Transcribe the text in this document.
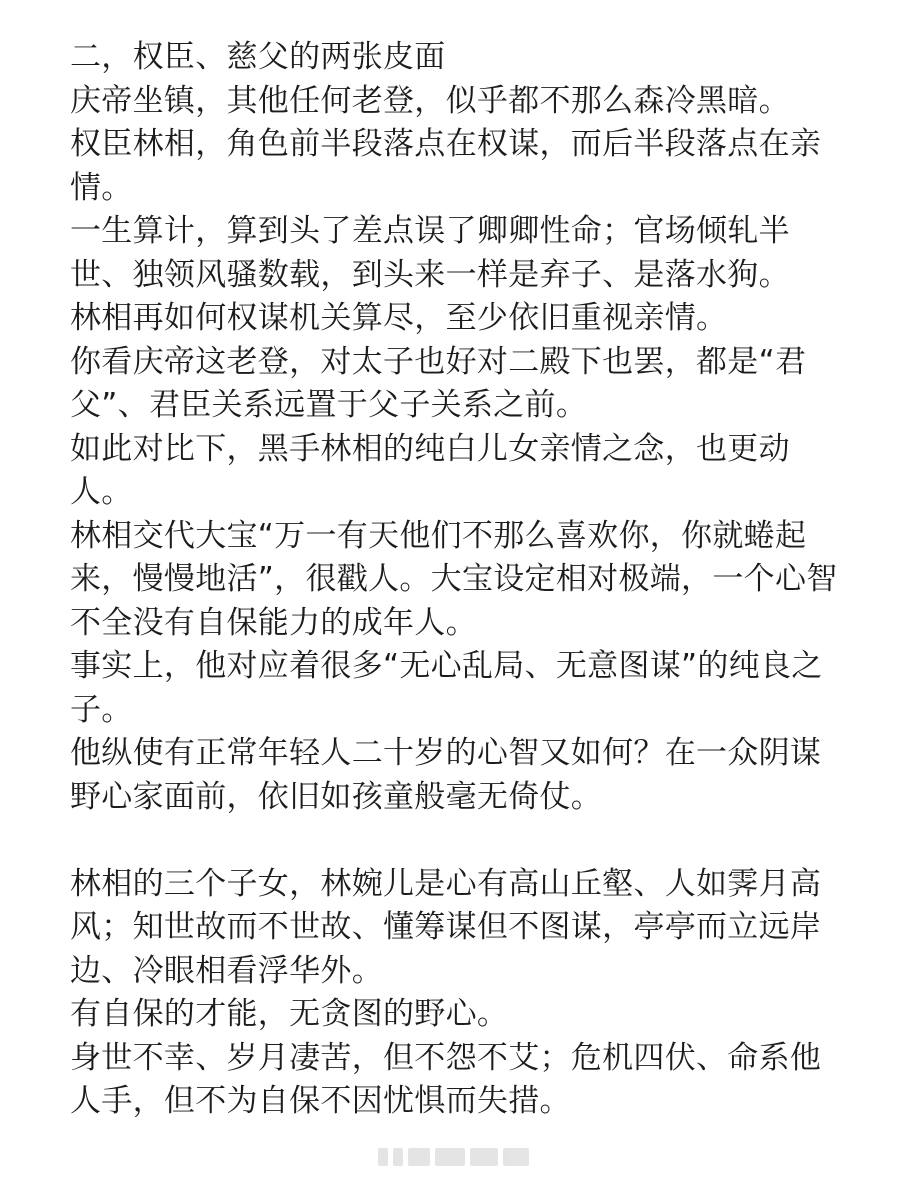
二，权臣、慈父的两张皮面
庆帝坐镇，其他任何老登，似乎都不那么森冷黑暗。
权臣林相，角色前半段落点在权谋，而后半段落点在亲
情。
一生算计，算到头了差点误了卿卿性命；官场倾轧半
世、独领风骚数载，到头来一样是弃子、是落水狗。
林相再如何权谋机关算尽，至少依旧重视亲情。
你看庆帝这老登，对太子也好对二殿下也罢，都是“君
父”、君臣关系远置于父子关系之前。
如此对比下，黑手林相的纯白儿女亲情之念，也更动
人。
林相交代大宝“万一有天他们不那么喜欢你，你就蜷起
来，慢慢地活”，很戳人。大宝设定相对极端，一个心智
不全没有自保能力的成年人。
事实上，他对应着很多“无心乱局、无意图谋”的纯良之
子。
他纵使有正常年轻人二十岁的心智又如何？在一众阴谋
野心家面前，依旧如孩童般毫无倚仗。
林相的三个子女，林婉儿是心有高山丘壑、人如霁月高
风；知世故而不世故、懂筹谋但不图谋，亭亭而立远岸
边、冷眼相看浮华外。
有自保的才能，无贪图的野心。
身世不幸、岁月凄苦，但不怨不艾；危机四伏、命系他
人手，但不为自保不因忧惧而失措。
